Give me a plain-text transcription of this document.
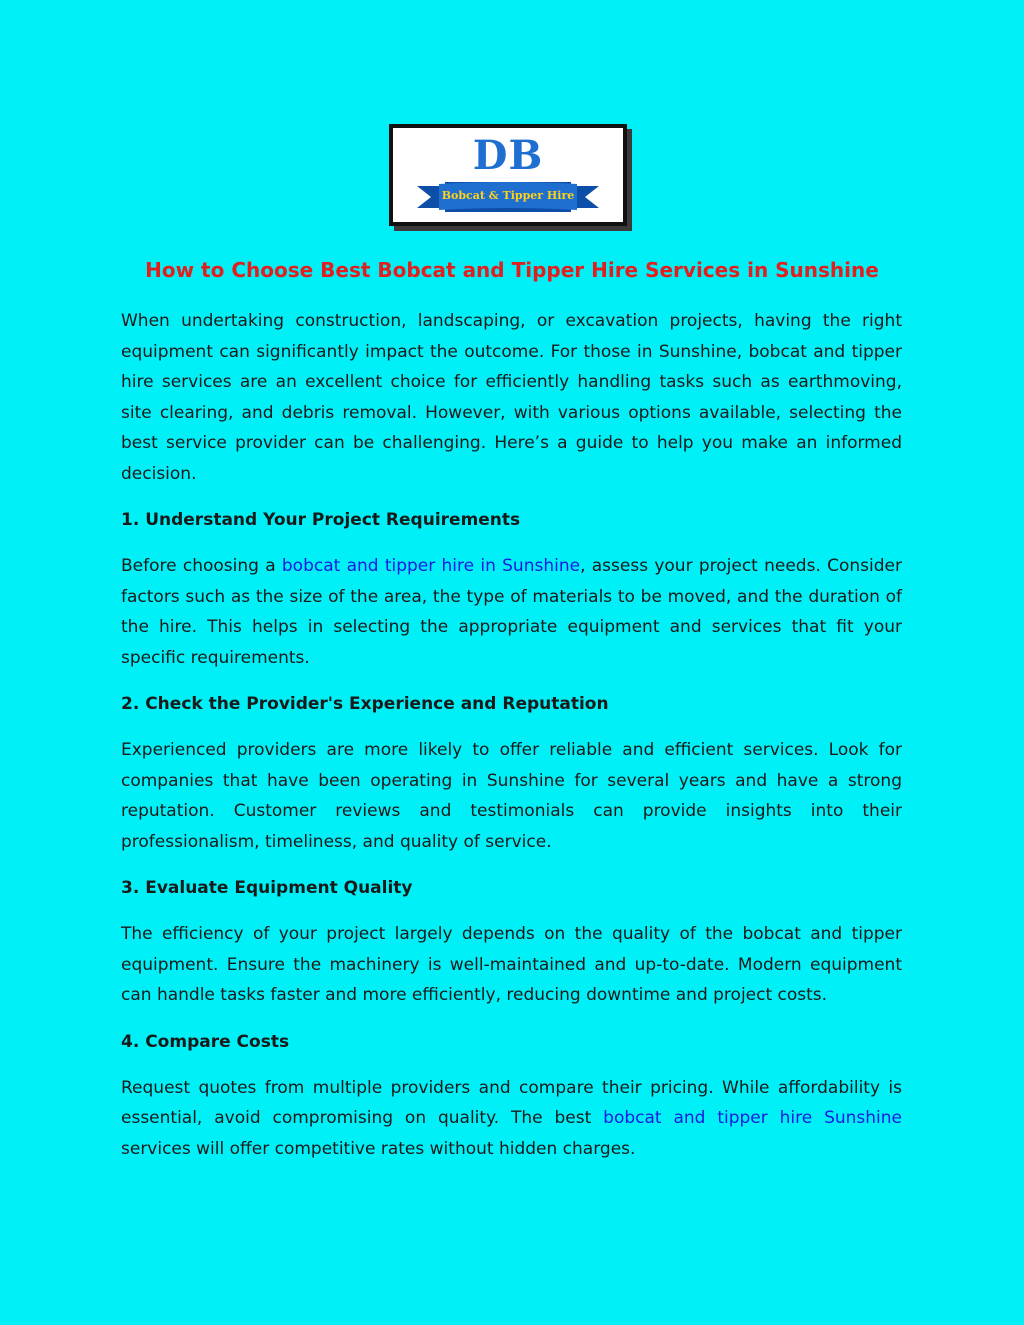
DB
Bobcat & Tipper Hire
How to Choose Best Bobcat and Tipper Hire Services in Sunshine

When undertaking construction, landscaping, or excavation projects, having the right equipment can significantly impact the outcome. For those in Sunshine, bobcat and tipper hire services are an excellent choice for efficiently handling tasks such as earthmoving, site clearing, and debris removal. However, with various options available, selecting the best service provider can be challenging. Here’s a guide to help you make an informed decision.

1. Understand Your Project Requirements

Before choosing a bobcat and tipper hire in Sunshine, assess your project needs. Consider factors such as the size of the area, the type of materials to be moved, and the duration of the hire. This helps in selecting the appropriate equipment and services that fit your specific requirements.

2. Check the Provider's Experience and Reputation

Experienced providers are more likely to offer reliable and efficient services. Look for companies that have been operating in Sunshine for several years and have a strong reputation. Customer reviews and testimonials can provide insights into their professionalism, timeliness, and quality of service.

3. Evaluate Equipment Quality

The efficiency of your project largely depends on the quality of the bobcat and tipper equipment. Ensure the machinery is well-maintained and up-to-date. Modern equipment can handle tasks faster and more efficiently, reducing downtime and project costs.

4. Compare Costs

Request quotes from multiple providers and compare their pricing. While affordability is essential, avoid compromising on quality. The best bobcat and tipper hire Sunshine services will offer competitive rates without hidden charges.
